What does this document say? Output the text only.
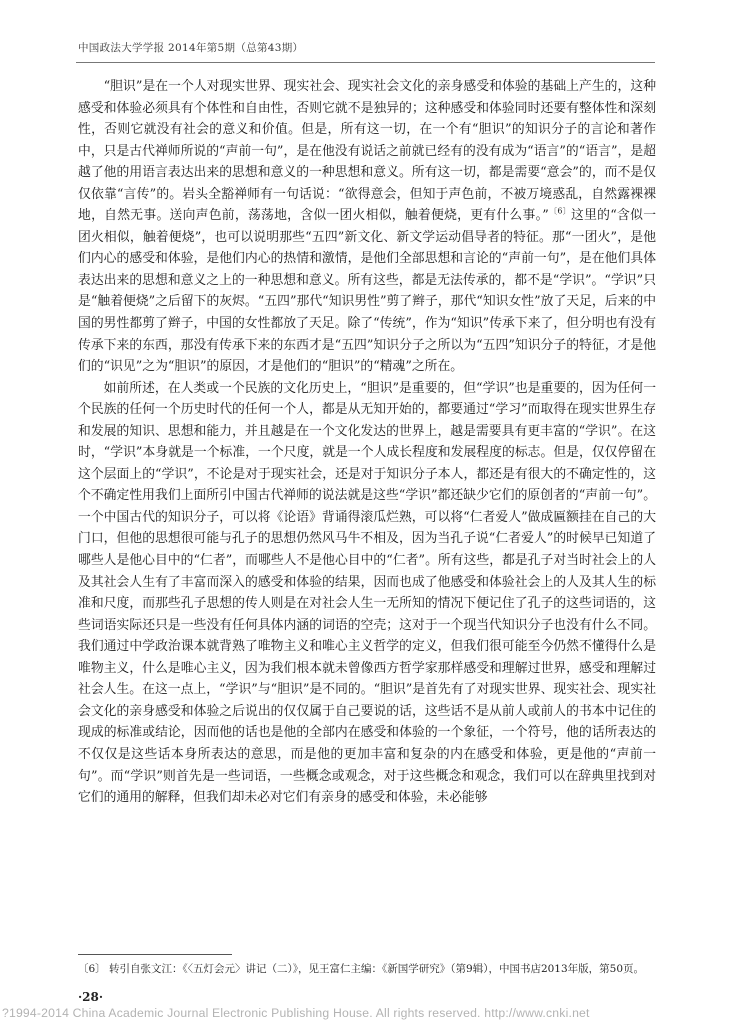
中国政法大学学报 2014年第5期（总第43期）

“胆识”是在一个人对现实世界、现实社会、现实社会文化的亲身感受和体验的基础上产生的，这种感受和体验必须具有个体性和自由性，否则它就不是独异的；这种感受和体验同时还要有整体性和深刻性，否则它就没有社会的意义和价值。但是，所有这一切，在一个有“胆识”的知识分子的言论和著作中，只是古代禅师所说的“声前一句”，是在他没有说话之前就已经有的没有成为“语言”的“语言”，是超越了他的用语言表达出来的思想和意义的一种思想和意义。所有这一切，都是需要“意会”的，而不是仅仅依靠“言传”的。岩头全豁禅师有一句话说：“欲得意会，但知于声色前，不被万境惑乱，自然露裸裸地，自然无事。送向声色前，荡荡地，含似一团火相似，触着便烧，更有什么事。”$^{〔6〕}$这里的“含似一团火相似，触着便烧”，也可以说明那些“五四”新文化、新文学运动倡导者的特征。那“一团火”，是他们内心的感受和体验，是他们内心的热情和激情，是他们全部思想和言论的“声前一句”，是在他们具体表达出来的思想和意义之上的一种思想和意义。所有这些，都是无法传承的，都不是“学识”。“学识”只是“触着便烧”之后留下的灰烬。“五四”那代“知识男性”剪了辫子，那代“知识女性”放了天足，后来的中国的男性都剪了辫子，中国的女性都放了天足。除了“传统”，作为“知识”传承下来了，但分明也有没有传承下来的东西，那没有传承下来的东西才是“五四”知识分子之所以为“五四”知识分子的特征，才是他们的“识见”之为“胆识”的原因，才是他们的“胆识”的“精魂”之所在。

如前所述，在人类或一个民族的文化历史上，“胆识”是重要的，但“学识”也是重要的，因为任何一个民族的任何一个历史时代的任何一个人，都是从无知开始的，都要通过“学习”而取得在现实世界生存和发展的知识、思想和能力，并且越是在一个文化发达的世界上，越是需要具有更丰富的“学识”。在这时，“学识”本身就是一个标准，一个尺度，就是一个人成长程度和发展程度的标志。但是，仅仅停留在这个层面上的“学识”，不论是对于现实社会，还是对于知识分子本人，都还是有很大的不确定性的，这个不确定性用我们上面所引中国古代禅师的说法就是这些“学识”都还缺少它们的原创者的“声前一句”。一个中国古代的知识分子，可以将《论语》背诵得滚瓜烂熟，可以将“仁者爱人”做成匾额挂在自己的大门口，但他的思想很可能与孔子的思想仍然风马牛不相及，因为当孔子说“仁者爱人”的时候早已知道了哪些人是他心目中的“仁者”，而哪些人不是他心目中的“仁者”。所有这些，都是孔子对当时社会上的人及其社会人生有了丰富而深入的感受和体验的结果，因而也成了他感受和体验社会上的人及其人生的标准和尺度，而那些孔子思想的传人则是在对社会人生一无所知的情况下便记住了孔子的这些词语的，这些词语实际还只是一些没有任何具体内涵的词语的空壳；这对于一个现当代知识分子也没有什么不同。我们通过中学政治课本就背熟了唯物主义和唯心主义哲学的定义，但我们很可能至今仍然不懂得什么是唯物主义，什么是唯心主义，因为我们根本就未曾像西方哲学家那样感受和理解过世界，感受和理解过社会人生。在这一点上，“学识”与“胆识”是不同的。“胆识”是首先有了对现实世界、现实社会、现实社会文化的亲身感受和体验之后说出的仅仅属于自己要说的话，这些话不是从前人或前人的书本中记住的现成的标准或结论，因而他的话也是他的全部内在感受和体验的一个象征，一个符号，他的话所表达的不仅仅是这些话本身所表达的意思，而是他的更加丰富和复杂的内在感受和体验，更是他的“声前一句”。而“学识”则首先是一些词语，一些概念或观念，对于这些概念和观念，我们可以在辞典里找到对它们的通用的解释，但我们却未必对它们有亲身的感受和体验，未必能够

〔6〕 转引自张文江：《〈五灯会元〉讲记（二）》，见王富仁主编：《新国学研究》（第9辑），中国书店2013年版，第50页。
·28·
?1994-2014 China Academic Journal Electronic Publishing House. All rights reserved. http://www.cnki.net
